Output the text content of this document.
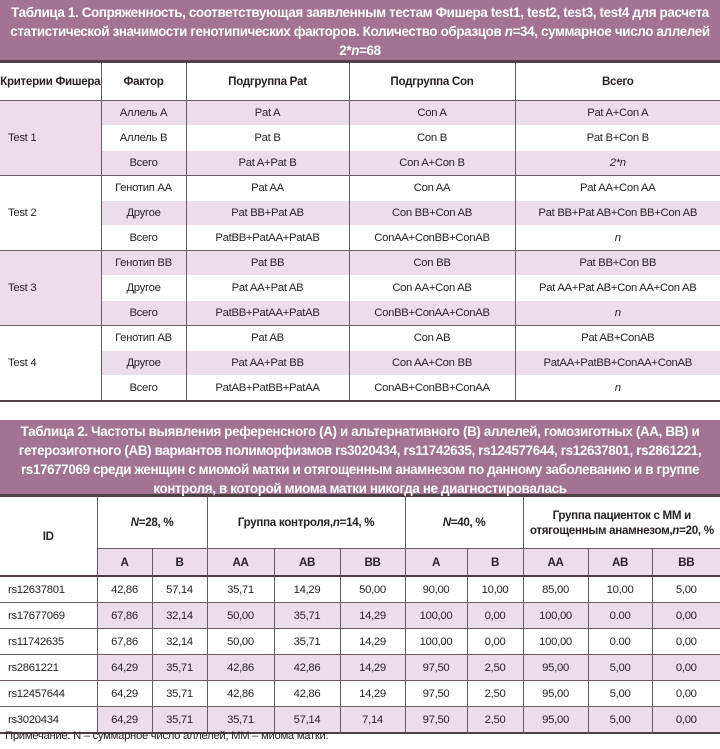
Таблица 1. Сопряженность, соответствующая заявленным тестам Фишера test1, test2, test3, test4 для расчета статистической значимости генотипических факторов. Количество образцов n=34, суммарное число аллелей 2*n=68
Критерии Фишера	Фактор	Подгруппа Pat	Подгруппа Con	Всего
Test 1	Аллель А	Pat A	Con A	Pat A+Con A
	Аллель B	Pat B	Con B	Pat B+Con B
	Всего	Pat A+Pat B	Con A+Con B	2*n
Test 2	Генотип AA	Pat AA	Con AA	Pat AA+Con AA
	Другое	Pat BB+Pat AB	Con BB+Con AB	Pat BB+Pat AB+Con BB+Con AB
	Всего	PatBB+PatAA+PatAB	ConAA+ConBB+ConAB	n
Test 3	Генотип BB	Pat BB	Con BB	Pat BB+Con BB
	Другое	Pat AA+Pat AB	Con AA+Con AB	Pat AA+Pat AB+Con AA+Con AB
	Всего	PatBB+PatAA+PatAB	ConBB+ConAA+ConAB	n
Test 4	Генотип AB	Pat AB	Con AB	Pat AB+ConAB
	Другое	Pat AA+Pat BB	Con AA+Con BB	PatAA+PatBB+ConAA+ConAB
	Всего	PatAB+PatBB+PatAA	ConAB+ConBB+ConAA	n
Таблица 2. Частоты выявления референсного (A) и альтернативного (B) аллелей, гомозиготных (AA, BB) и гетерозиготного (AB) вариантов полиморфизмов rs3020434, rs11742635, rs124577644, rs12637801, rs2861221, rs17677069 среди женщин с миомой матки и отягощенным анамнезом по данному заболеванию и в группе контроля, в которой миома матки никогда не диагностировалась
ID	N=28, %		Группа контроля,n=14, %			N=40, %		Группа пациенток с ММ и отягощенным анамнезом,n=20, %		
	A	B	AA	AB	BB	A	B	AA	AB	BB
rs12637801	42,86	57,14	35,71	14,29	50,00	90,00	10,00	85,00	10,00	5,00
rs17677069	67,86	32,14	50,00	35,71	14,29	100,00	0,00	100,00	0.00	0,00
rs11742635	67,86	32,14	50,00	35,71	14,29	100,00	0,00	100,00	0.00	0,00
rs2861221	64,29	35,71	42,86	42,86	14,29	97,50	2,50	95,00	5,00	0,00
rs12457644	64,29	35,71	42,86	42,86	14,29	97,50	2,50	95,00	5,00	0,00
rs3020434	64,29	35,71	35,71	57,14	7,14	97,50	2,50	95,00	5,00	0,00
Примечание. N – суммарное число аллелей; ММ – миома матки.
